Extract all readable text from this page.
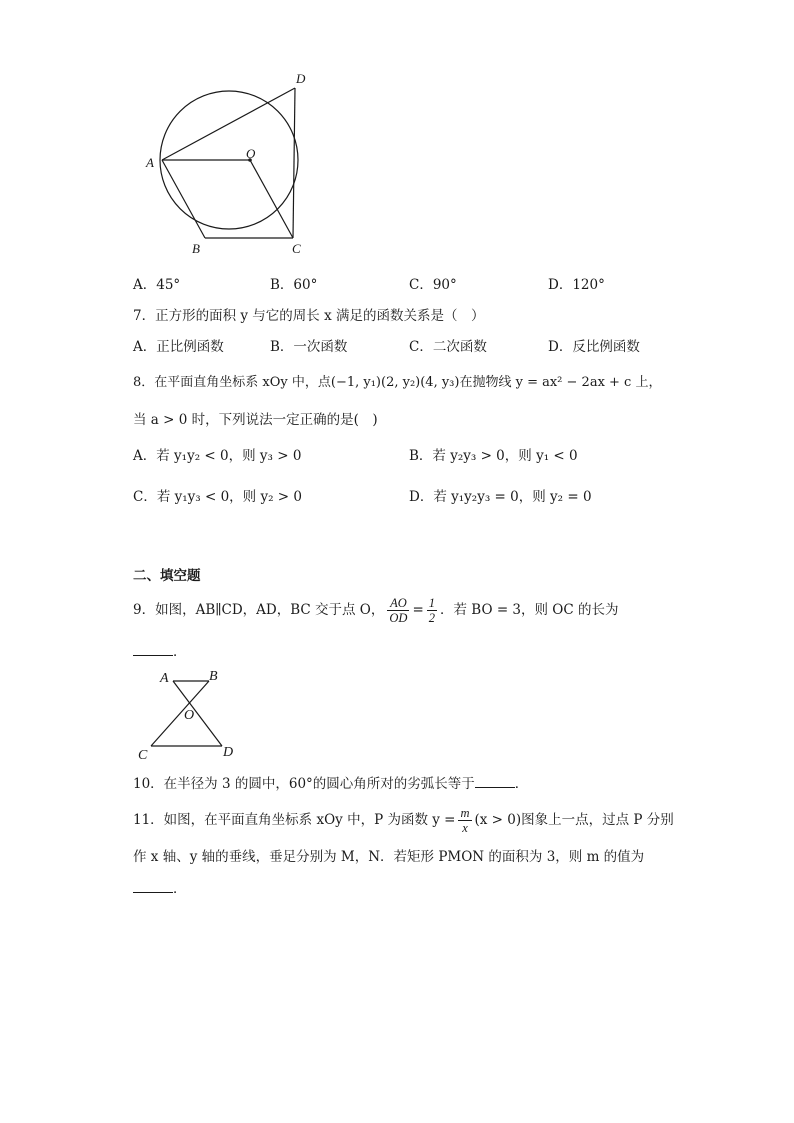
D
O
A
B	C
A．45°	B．60°	C．90°	D．120°
7．正方形的面积 y 与它的周长 x 满足的函数关系是（　）
A．正比例函数	B．一次函数	C．二次函数	D．反比例函数
8．在平面直角坐标系 xOy 中，点(−1, y₁)(2, y₂)(4, y₃)在抛物线 y = ax² − 2ax + c 上，
当 a > 0 时，下列说法一定正确的是(　)
A．若 y₁y₂ < 0，则 y₃ > 0	B．若 y₂y₃ > 0，则 y₁ < 0
C．若 y₁y₃ < 0，则 y₂ > 0	D．若 y₁y₂y₃ = 0，则 y₂ = 0
二、填空题
9．如图，AB∥CD，AD，BC 交于点 O， $\frac{AO}{OD} = \frac{1}{2}$ ．若 BO = 3，则 OC 的长为
．
A	B
O
C	D
10．在半径为 3 的圆中，60°的圆心角所对的劣弧长等于	．
11．如图，在平面直角坐标系 xOy 中，P 为函数 $y = \frac{m}{x} (x > 0)$图象上一点，过点 P 分别
作 x 轴、y 轴的垂线，垂足分别为 M，N．若矩形 PMON 的面积为 3，则 m 的值为
．
